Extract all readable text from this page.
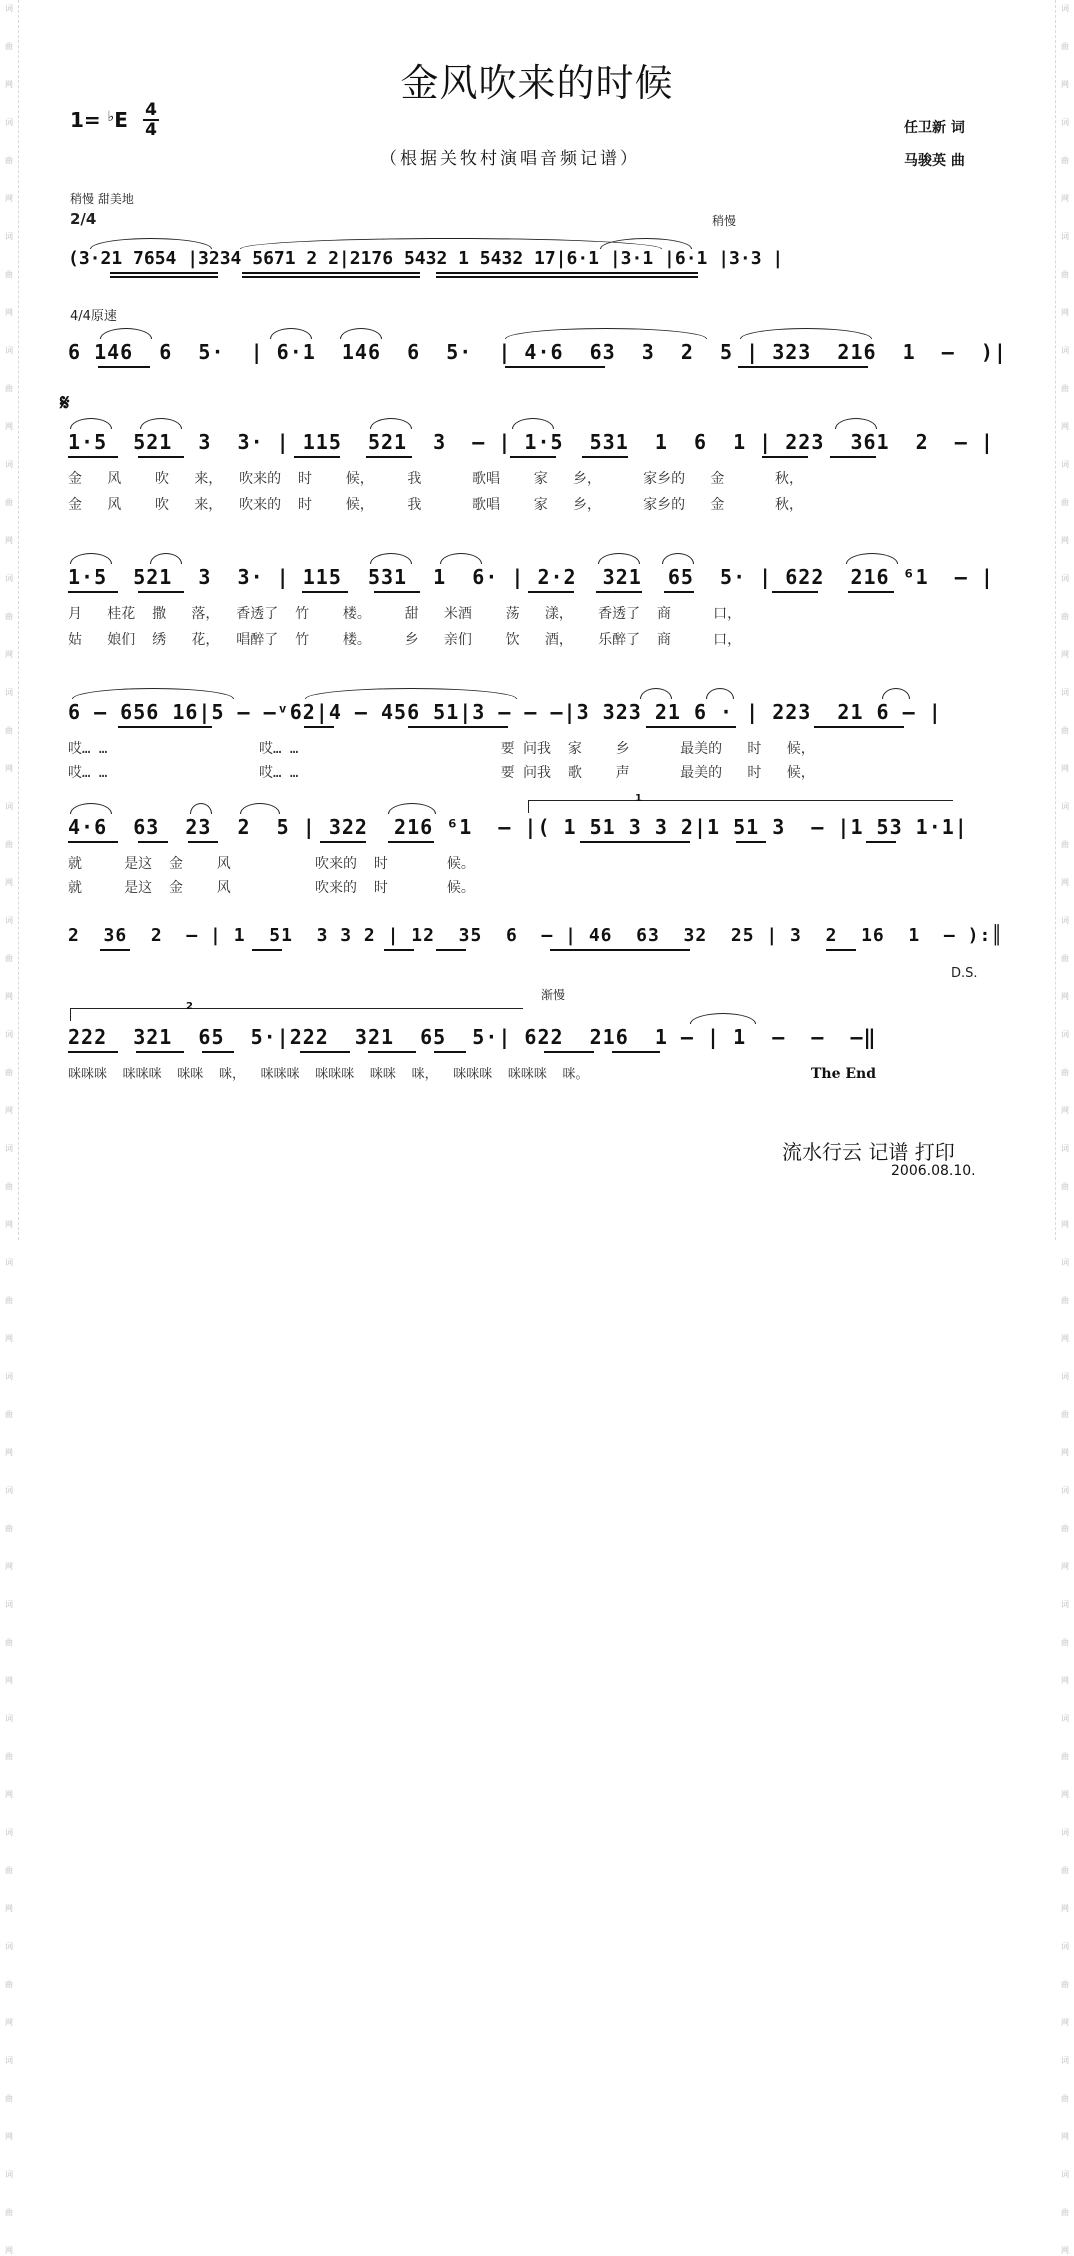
词
曲
网
词
曲
网
词
曲
网
词
曲
网
词
曲
网
词
曲
网
词
曲
网
词
曲
网
词
曲
网
词
曲
网
词
曲
网
词
曲
网
词
曲
网
词
曲
网
词
曲
网
词
曲
网
词
曲
网
词
曲
网
词
曲
网
词
曲
网
词
曲
网
词
曲
网
词
曲
网
词
曲
网
词
曲
网
词
曲
网
词
曲
网
词
曲
网
词
曲
网
词
曲
网
词
曲
网
词
曲
网
词
曲
网
词
曲
网
词
曲
网
词
曲
网
词
曲
网
词
曲
网
词
曲
网
词
曲
网
金风吹来的时候
1= ♭E 4
4
（根据关牧村演唱音频记谱）
任卫新 词
马骏英 曲
稍慢 甜美地
2/4	稍慢
4/4原速
𝄋
D.S.
渐慢
(3·21 7654 |3234 5671 2 2|2176 5432 1 5432 17|6·1 |3·1 |6·1 |3·3 |
6 146  6  5·  | 6·1  146  6  5·  | 4·6  63  3  2  5 | 323  216  1  –  )|
1·5  521  3  3· | 115  521  3  – | 1·5  531  1  6  1 | 223  361  2  – |
金   风    吹   来，  吹来的  时    候，    我      歌唱    家   乡，     家乡的   金      秋，
金   风    吹   来，  吹来的  时    候，    我      歌唱    家   乡，     家乡的   金      秋，
1·5  521  3  3· | 115  531  1  6· | 2·2  321  65  5· | 622  216 ⁶1  – |
月   桂花  撒   落，  香透了  竹    楼。    甜   米酒    荡   漾，   香透了  商     口，
姑   娘们  绣   花，  唱醉了  竹    楼。    乡   亲们    饮   酒，   乐醉了  商     口，
6 – 656 16|5 – –ᵛ62|4 – 456 51|3 – – –|3 323 21 6 · | 223  21 6 – |
哎… …                  哎… …                        要 问我  家    乡      最美的   时   候，
哎… …                  哎… …                        要 问我  歌    声      最美的   时   候，
1
4·6  63  23  2  5 | 322  216 ⁶1  – |( 1 51 3 3 2|1 51 3  – |1 53 1·1|
就     是这  金    风          吹来的  时       候。
就     是这  金    风          吹来的  时       候。
2  36  2  – | 1  51  3 3 2 | 12  35  6  – | 46  63  32  25 | 3  2  16  1  – ):║
2
222  321  65  5·|222  321  65  5·| 622  216  1 – | 1  –  –  –‖
咪咪咪  咪咪咪  咪咪  咪，  咪咪咪  咪咪咪  咪咪  咪，  咪咪咪  咪咪咪  咪。	The End
流水行云 记谱 打印
2006.08.10.
